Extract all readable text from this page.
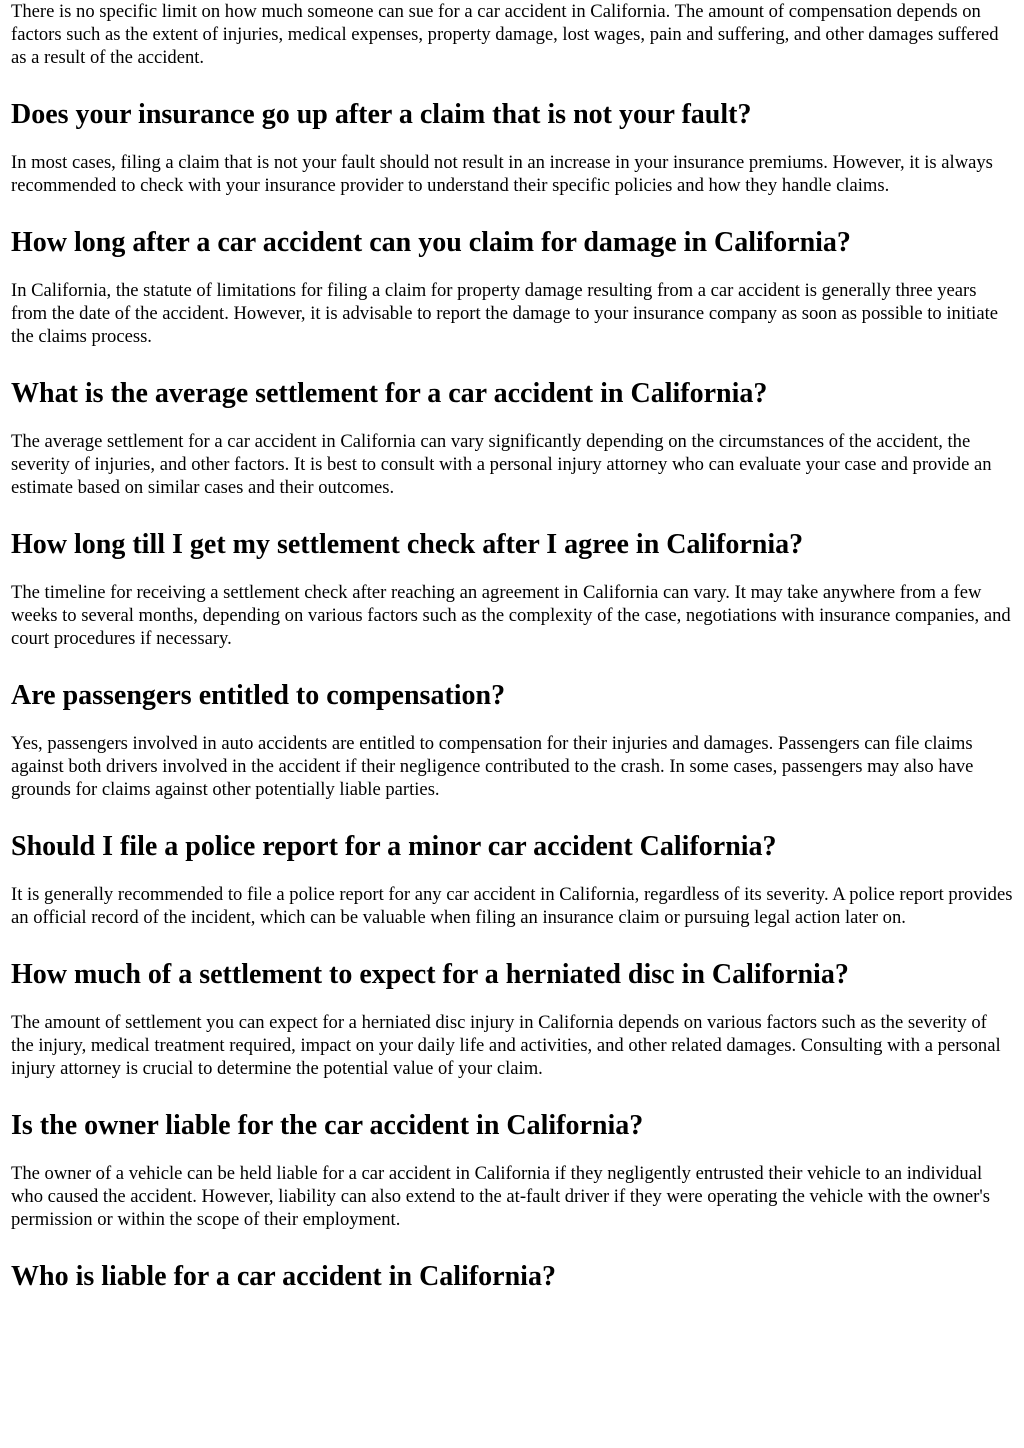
There is no specific limit on how much someone can sue for a car accident in California. The amount of compensation depends on factors such as the extent of injuries, medical expenses, property damage, lost wages, pain and suffering, and other damages suffered as a result of the accident.

Does your insurance go up after a claim that is not your fault?

In most cases, filing a claim that is not your fault should not result in an increase in your insurance premiums. However, it is always recommended to check with your insurance provider to understand their specific policies and how they handle claims.

How long after a car accident can you claim for damage in California?

In California, the statute of limitations for filing a claim for property damage resulting from a car accident is generally three years from the date of the accident. However, it is advisable to report the damage to your insurance company as soon as possible to initiate the claims process.

What is the average settlement for a car accident in California?

The average settlement for a car accident in California can vary significantly depending on the circumstances of the accident, the severity of injuries, and other factors. It is best to consult with a personal injury attorney who can evaluate your case and provide an estimate based on similar cases and their outcomes.

How long till I get my settlement check after I agree in California?

The timeline for receiving a settlement check after reaching an agreement in California can vary. It may take anywhere from a few weeks to several months, depending on various factors such as the complexity of the case, negotiations with insurance companies, and court procedures if necessary.

Are passengers entitled to compensation?

Yes, passengers involved in auto accidents are entitled to compensation for their injuries and damages. Passengers can file claims against both drivers involved in the accident if their negligence contributed to the crash. In some cases, passengers may also have grounds for claims against other potentially liable parties.

Should I file a police report for a minor car accident California?

It is generally recommended to file a police report for any car accident in California, regardless of its severity. A police report provides an official record of the incident, which can be valuable when filing an insurance claim or pursuing legal action later on.

How much of a settlement to expect for a herniated disc in California?

The amount of settlement you can expect for a herniated disc injury in California depends on various factors such as the severity of the injury, medical treatment required, impact on your daily life and activities, and other related damages. Consulting with a personal injury attorney is crucial to determine the potential value of your claim.

Is the owner liable for the car accident in California?

The owner of a vehicle can be held liable for a car accident in California if they negligently entrusted their vehicle to an individual who caused the accident. However, liability can also extend to the at-fault driver if they were operating the vehicle with the owner's permission or within the scope of their employment.

Who is liable for a car accident in California?
